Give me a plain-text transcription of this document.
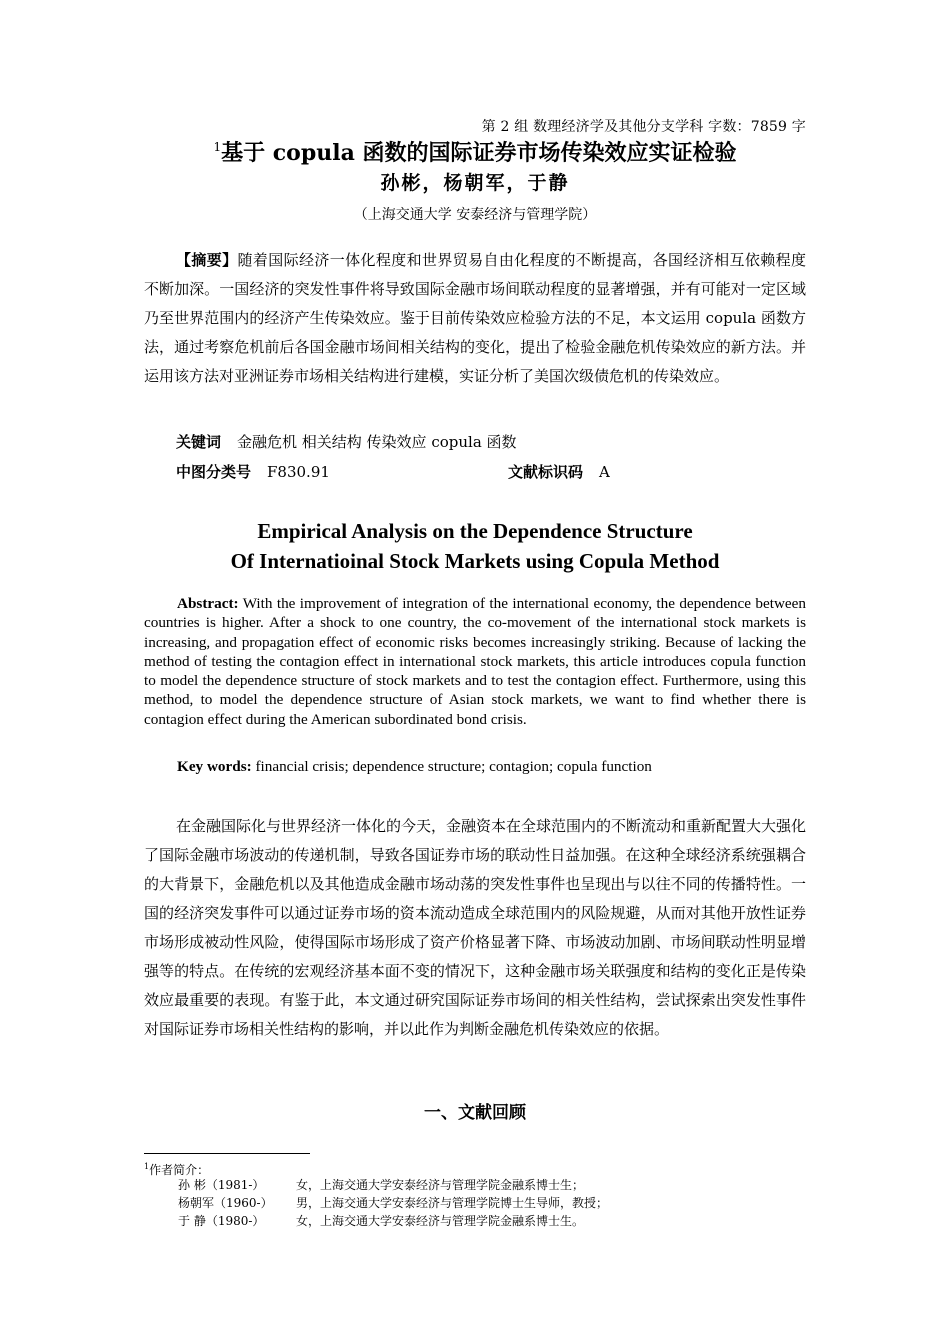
第 2 组 数理经济学及其他分支学科 字数：7859 字
$^1$基于 copula 函数的国际证券市场传染效应实证检验
孙彬，杨朝军，于静
（上海交通大学 安泰经济与管理学院）
【摘要】随着国际经济一体化程度和世界贸易自由化程度的不断提高，各国经济相互依赖程度不断加深。一国经济的突发性事件将导致国际金融市场间联动程度的显著增强，并有可能对一定区域乃至世界范围内的经济产生传染效应。鉴于目前传染效应检验方法的不足，本文运用 copula 函数方法，通过考察危机前后各国金融市场间相关结构的变化，提出了检验金融危机传染效应的新方法。并运用该方法对亚洲证券市场相关结构进行建模，实证分析了美国次级债危机的传染效应。
关键词 金融危机 相关结构 传染效应 copula 函数
中图分类号 F830.91	文献标识码 A
Empirical Analysis on the Dependence Structure
Of Internatioinal Stock Markets using Copula Method
Abstract: With the improvement of integration of the international economy, the dependence between countries is higher. After a shock to one country, the co-movement of the international stock markets is increasing, and propagation effect of economic risks becomes increasingly striking. Because of lacking the method of testing the contagion effect in international stock markets, this article introduces copula function to model the dependence structure of stock markets and to test the contagion effect. Furthermore, using this method, to model the dependence structure of Asian stock markets, we want to find whether there is contagion effect during the American subordinated bond crisis.
Key words: financial crisis; dependence structure; contagion; copula function
在金融国际化与世界经济一体化的今天，金融资本在全球范围内的不断流动和重新配置大大强化了国际金融市场波动的传递机制，导致各国证券市场的联动性日益加强。在这种全球经济系统强耦合的大背景下，金融危机以及其他造成金融市场动荡的突发性事件也呈现出与以往不同的传播特性。一国的经济突发事件可以通过证券市场的资本流动造成全球范围内的风险规避，从而对其他开放性证券市场形成被动性风险，使得国际市场形成了资产价格显著下降、市场波动加剧、市场间联动性明显增强等的特点。在传统的宏观经济基本面不变的情况下，这种金融市场关联强度和结构的变化正是传染效应最重要的表现。有鉴于此，本文通过研究国际证券市场间的相关性结构，尝试探索出突发性事件对国际证券市场相关性结构的影响，并以此作为判断金融危机传染效应的依据。
一、文献回顾
$^1$作者简介：
孙 彬（1981-）	女，上海交通大学安泰经济与管理学院金融系博士生；
杨朝军（1960-） 男，上海交通大学安泰经济与管理学院博士生导师，教授；
于 静（1980-）	女，上海交通大学安泰经济与管理学院金融系博士生。
